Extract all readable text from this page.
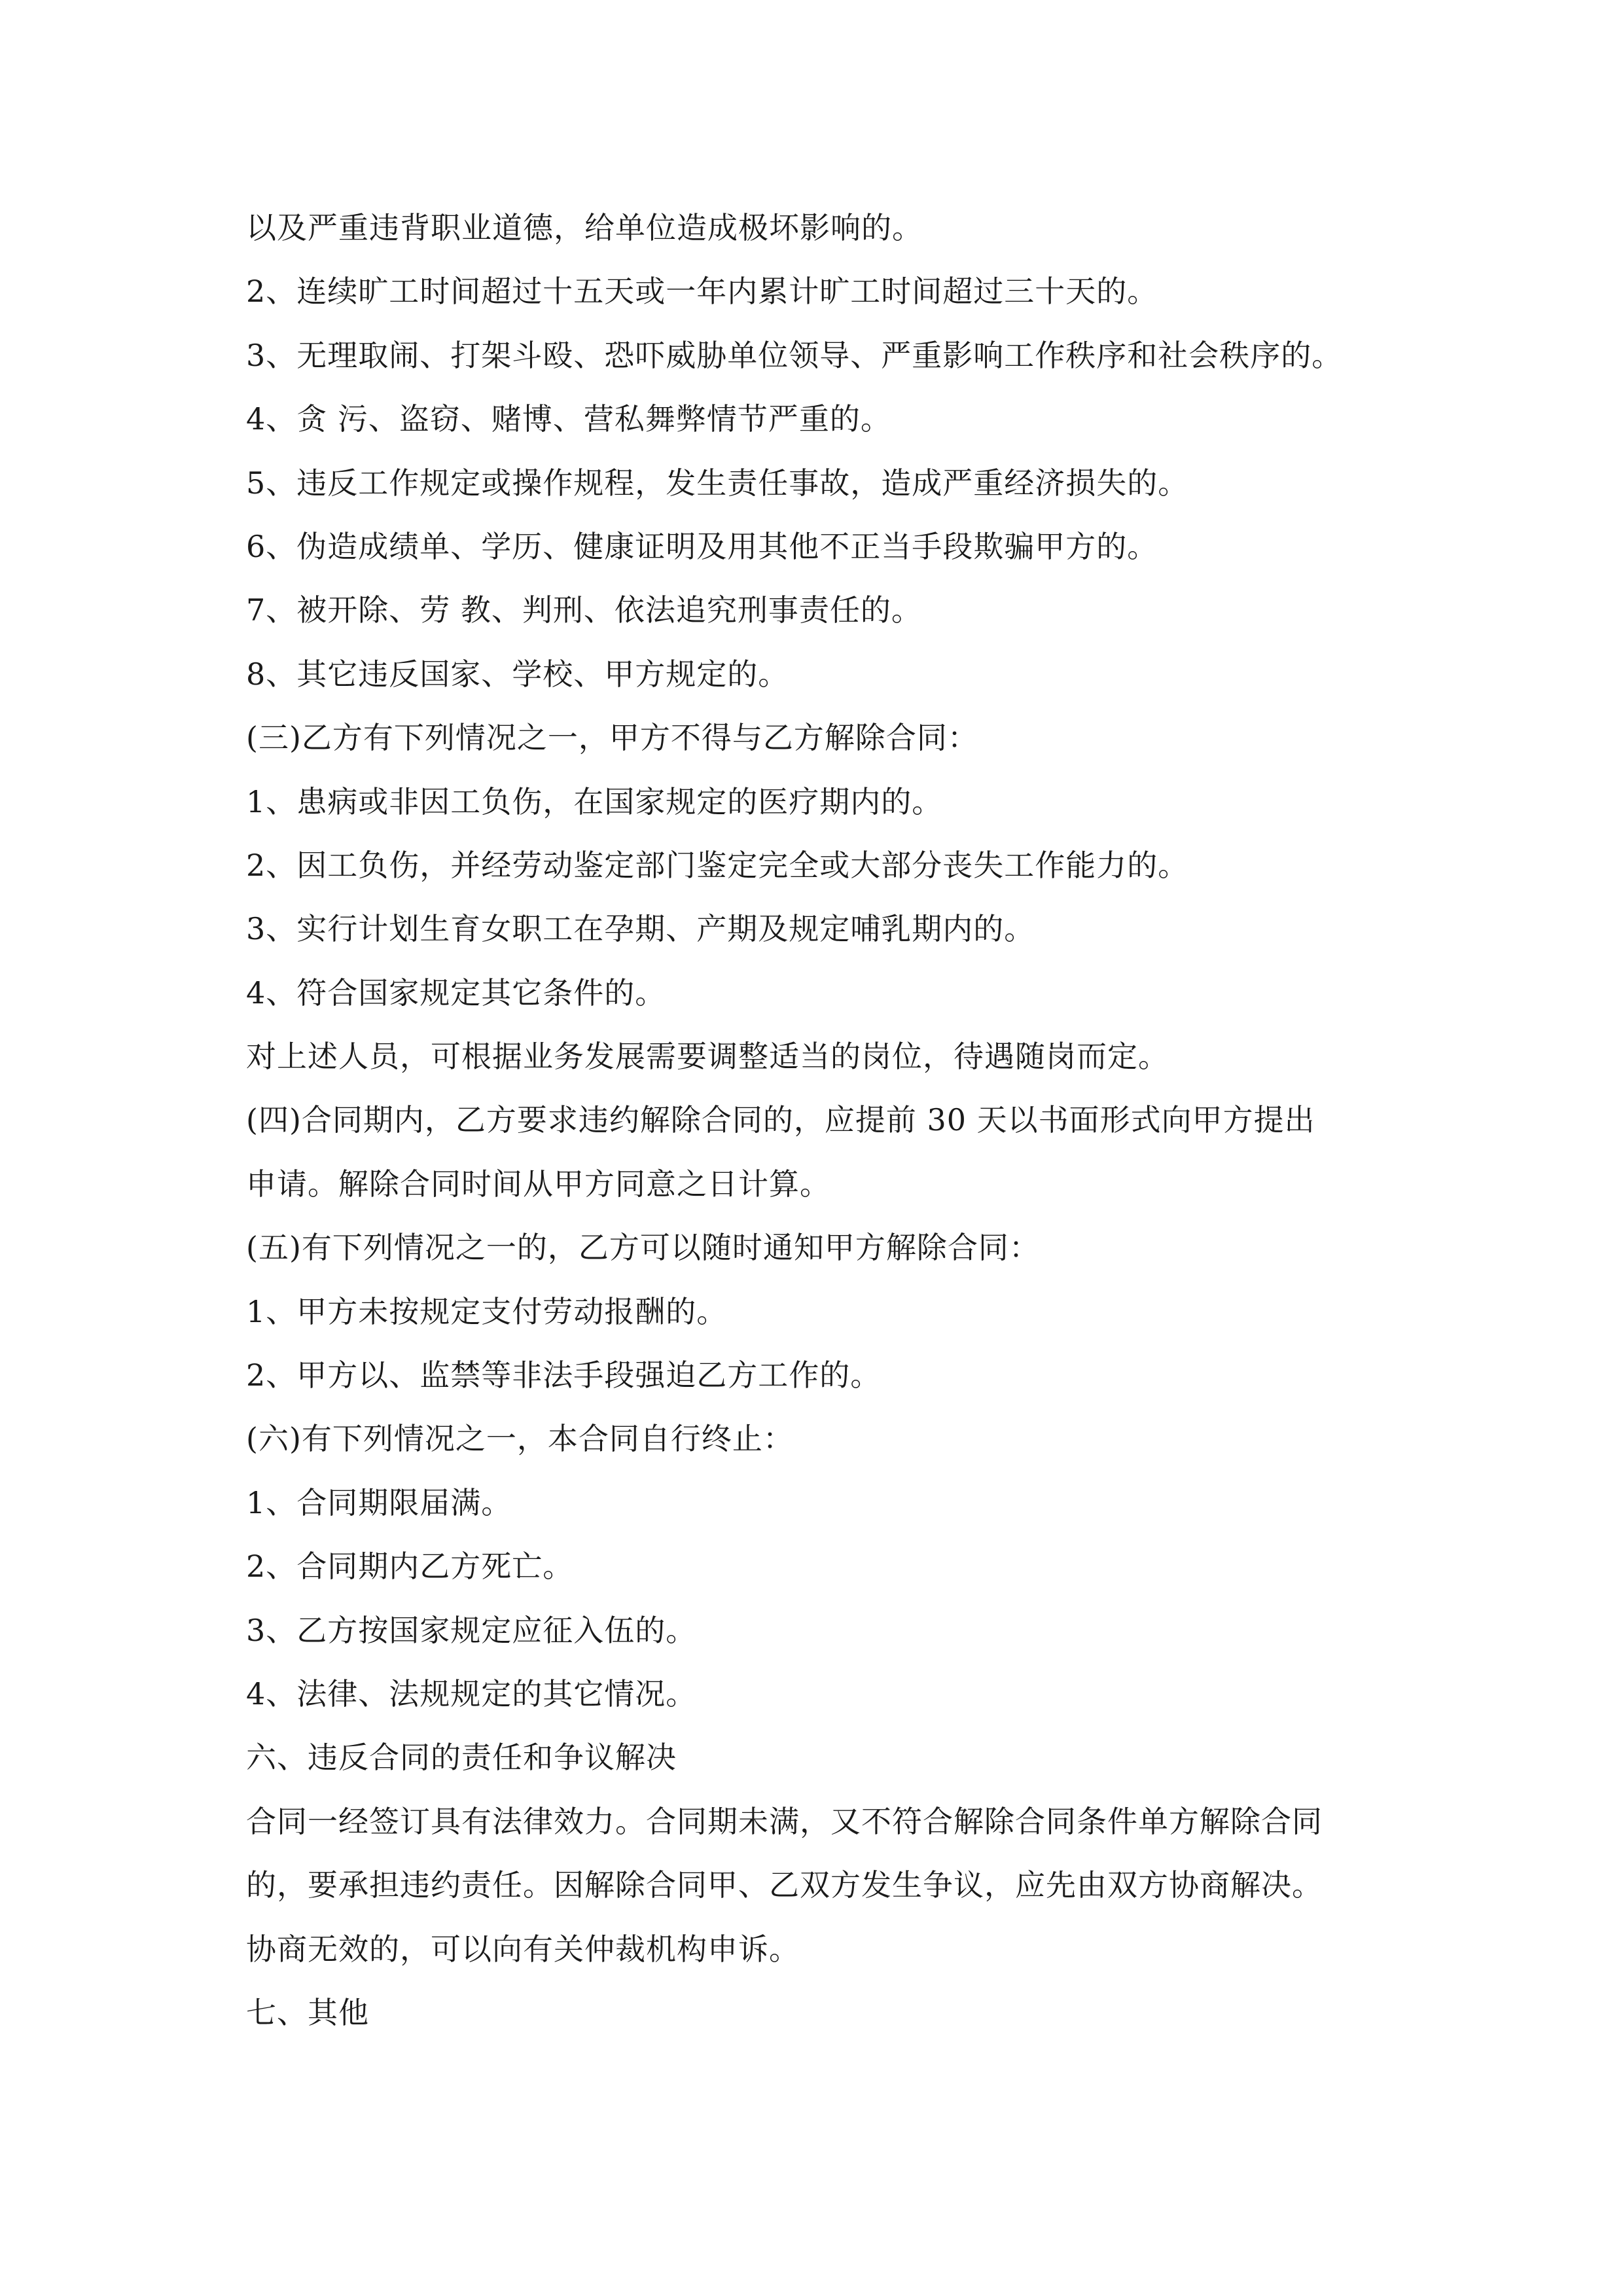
以及严重违背职业道德，给单位造成极坏影响的。
2、连续旷工时间超过十五天或一年内累计旷工时间超过三十天的。
3、无理取闹、打架斗殴、恐吓威胁单位领导、严重影响工作秩序和社会秩序的。
4、贪 污、盗窃、赌博、营私舞弊情节严重的。
5、违反工作规定或操作规程，发生责任事故，造成严重经济损失的。
6、伪造成绩单、学历、健康证明及用其他不正当手段欺骗甲方的。
7、被开除、劳 教、判刑、依法追究刑事责任的。
8、其它违反国家、学校、甲方规定的。
(三)乙方有下列情况之一，甲方不得与乙方解除合同：
1、患病或非因工负伤，在国家规定的医疗期内的。
2、因工负伤，并经劳动鉴定部门鉴定完全或大部分丧失工作能力的。
3、实行计划生育女职工在孕期、产期及规定哺乳期内的。
4、符合国家规定其它条件的。
对上述人员，可根据业务发展需要调整适当的岗位，待遇随岗而定。
(四)合同期内，乙方要求违约解除合同的，应提前 30 天以书面形式向甲方提出
申请。解除合同时间从甲方同意之日计算。
(五)有下列情况之一的，乙方可以随时通知甲方解除合同：
1、甲方未按规定支付劳动报酬的。
2、甲方以、监禁等非法手段强迫乙方工作的。
(六)有下列情况之一，本合同自行终止：
1、合同期限届满。
2、合同期内乙方死亡。
3、乙方按国家规定应征入伍的。
4、法律、法规规定的其它情况。
六、违反合同的责任和争议解决
合同一经签订具有法律效力。合同期未满，又不符合解除合同条件单方解除合同
的，要承担违约责任。因解除合同甲、乙双方发生争议，应先由双方协商解决。
协商无效的，可以向有关仲裁机构申诉。
七、其他
